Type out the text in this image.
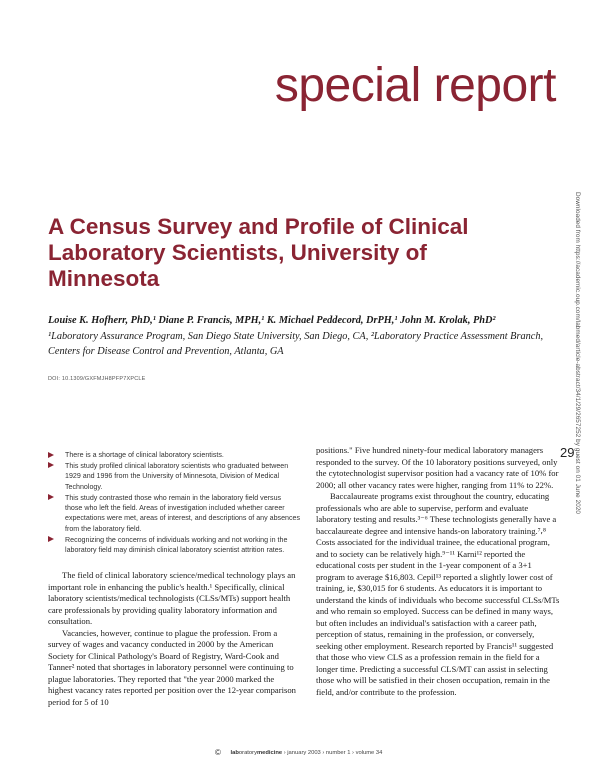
special report
A Census Survey and Profile of Clinical Laboratory Scientists, University of Minnesota

Louise K. Hofherr, PhD,¹ Diane P. Francis, MPH,¹ K. Michael Peddecord, DrPH,¹ John M. Krolak, PhD²

¹Laboratory Assurance Program, San Diego State University, San Diego, CA, ²Laboratory Practice Assessment Branch, Centers for Disease Control and Prevention, Atlanta, GA

DOI: 10.1309/GXFMJH8PFP7XPCLE
There is a shortage of clinical laboratory scientists.
This study profiled clinical laboratory scientists who graduated between 1929 and 1996 from the University of Minnesota, Division of Medical Technology.
This study contrasted those who remain in the laboratory field versus those who left the field. Areas of investigation included whether career expectations were met, areas of interest, and descriptions of any absences from the laboratory field.
Recognizing the concerns of individuals working and not working in the laboratory field may diminish clinical laboratory scientist attrition rates.

The field of clinical laboratory science/medical technology plays an important role in enhancing the public's health.¹ Specifically, clinical laboratory scientists/medical technologists (CLSs/MTs) support health care professionals by providing quality laboratory information and consultation.

Vacancies, however, continue to plague the profession. From a survey of wages and vacancy conducted in 2000 by the American Society for Clinical Pathology's Board of Registry, Ward-Cook and Tanner² noted that shortages in laboratory personnel were continuing to plague laboratories. They reported that "the year 2000 marked the highest vacancy rates reported per position over the 12-year comparison period for 5 of 10

positions." Five hundred ninety-four medical laboratory managers responded to the survey. Of the 10 laboratory positions surveyed, only the cytotechnologist supervisor position had a vacancy rate of 10% for 2000; all other vacancy rates were higher, ranging from 11% to 22%.

Baccalaureate programs exist throughout the country, educating professionals who are able to supervise, perform and evaluate laboratory testing and results.³⁻⁶ These technologists generally have a baccalaureate degree and intensive hands-on laboratory training.⁷⸴⁸ Costs associated for the individual trainee, the educational program, and to society can be relatively high.⁹⁻¹¹ Karni¹² reported the educational costs per student in the 1-year component of a 3+1 program to average $16,803. Cepil¹³ reported a slightly lower cost of training, ie, $30,015 for 6 students. As educators it is important to understand the kinds of individuals who become successful CLSs/MTs and who remain so employed. Success can be defined in many ways, but often includes an individual's satisfaction with a career path, perception of status, remaining in the profession, or conversely, seeking other employment. Research reported by Francis¹¹ suggested that those who view CLS as a profession remain in the field for a longer time. Predicting a successful CLS/MT can assist in selecting those who will be satisfied in their chosen occupation, remain in the field, and/or contribute to the profession.

29 Downloaded from https://academic.oup.com/labmed/article-abstract/34/1/29/2657252 by guest on 01 June 2020
© laboratorymedicine › january 2003 › number 1 › volume 34
